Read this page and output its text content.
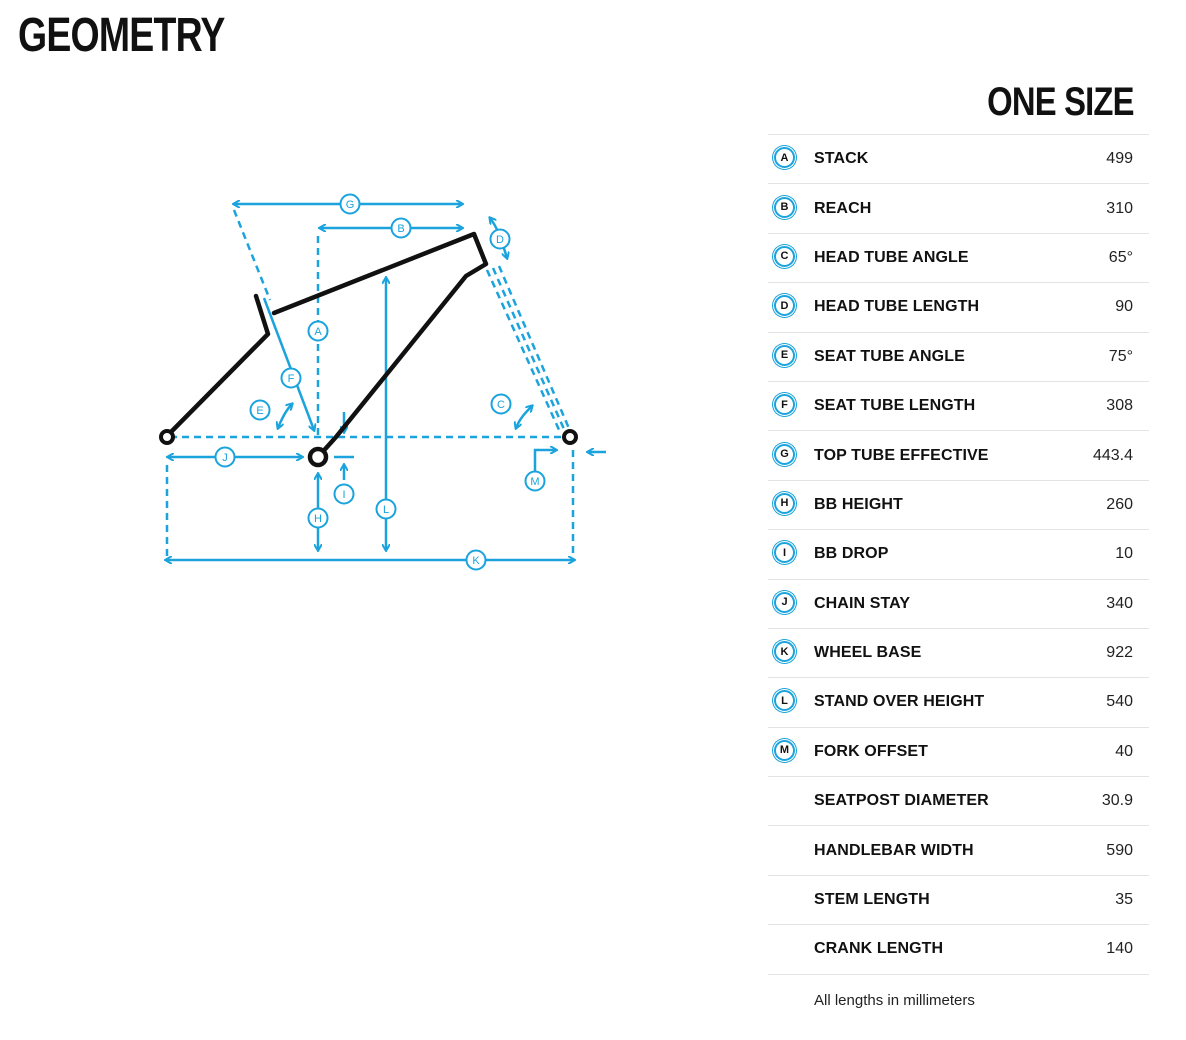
GEOMETRY
G
B
D
A
F
E	C
J
I
M
H
L
K
ONE SIZE
A	STACK	499
B	REACH	310
C	HEAD TUBE ANGLE	65°
D	HEAD TUBE LENGTH	90
E	SEAT TUBE ANGLE	75°
F	SEAT TUBE LENGTH	308
G	TOP TUBE EFFECTIVE	443.4
H	BB HEIGHT	260
I	BB DROP	10
J	CHAIN STAY	340
K	WHEEL BASE	922
L	STAND OVER HEIGHT	540
M	FORK OFFSET	40
SEATPOST DIAMETER	30.9
HANDLEBAR WIDTH	590
STEM LENGTH	35
CRANK LENGTH	140
All lengths in millimeters
